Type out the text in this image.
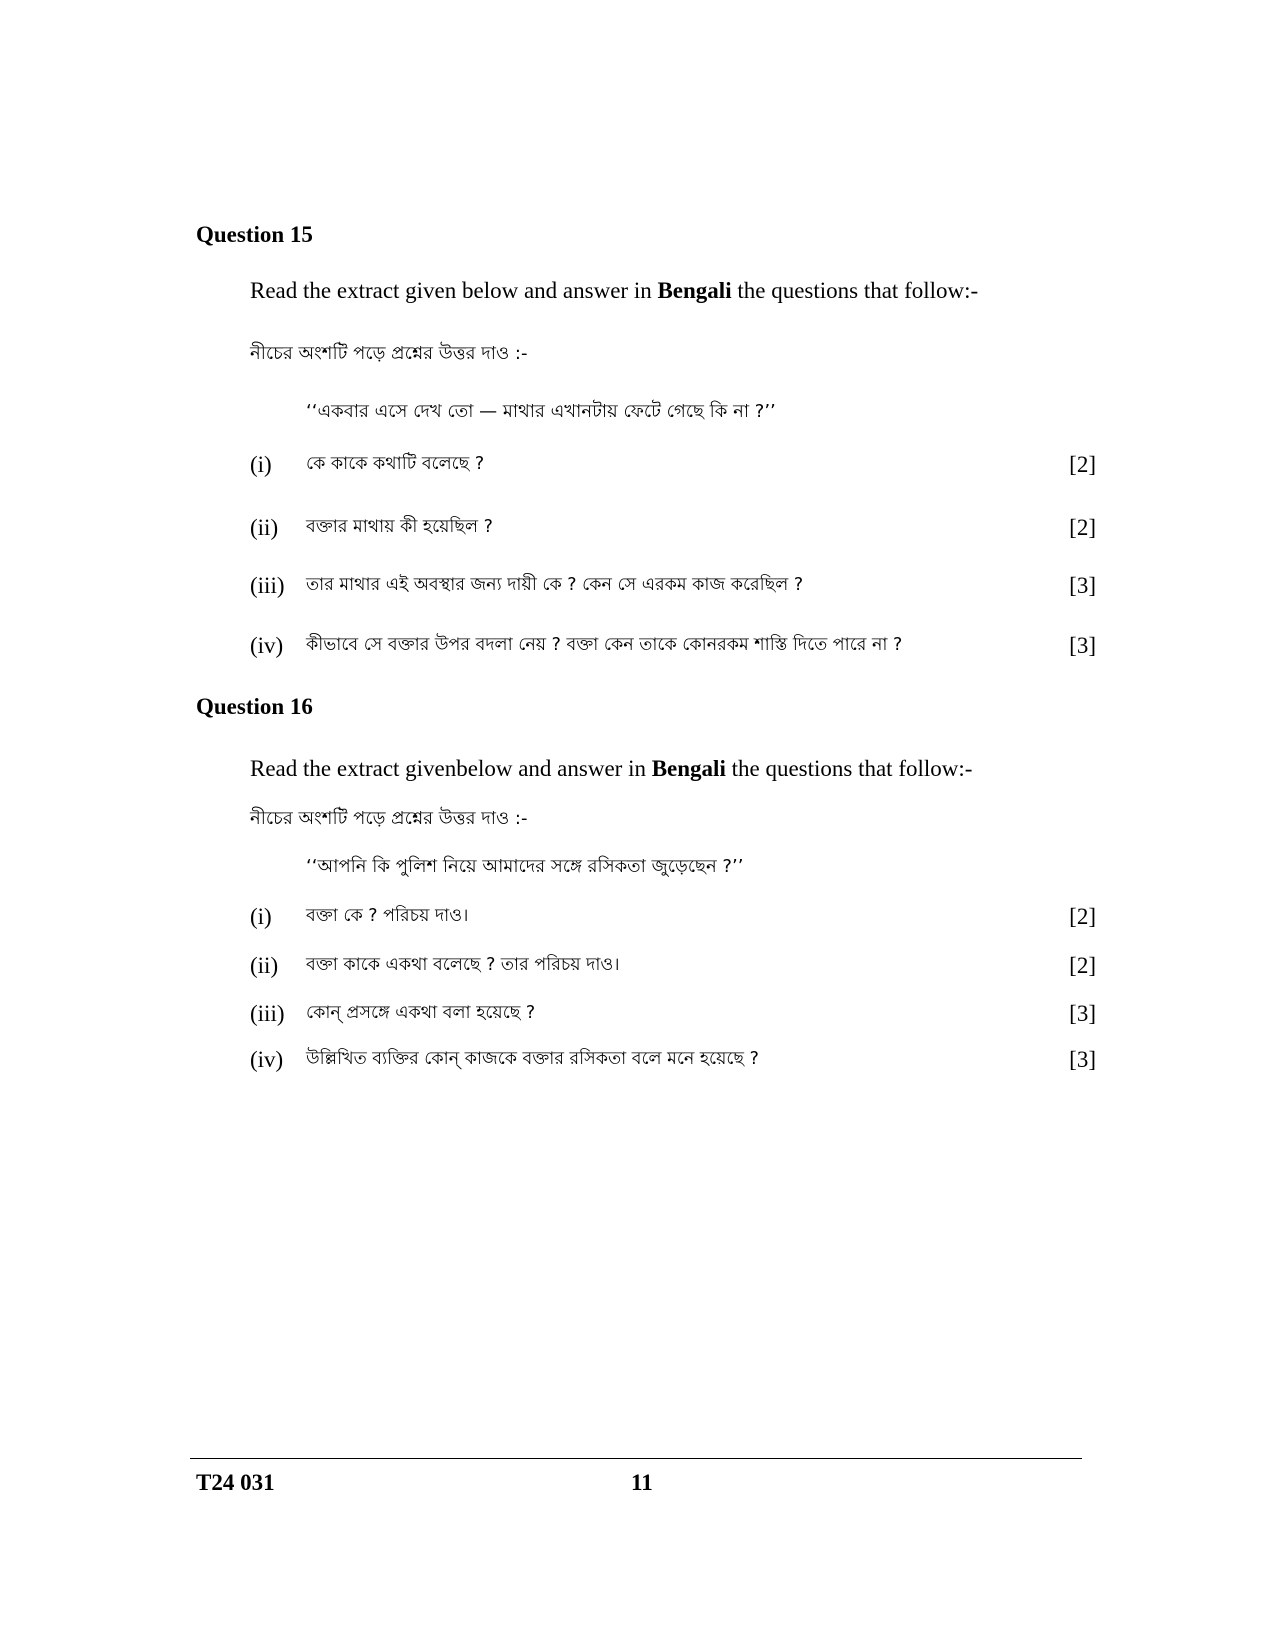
Question 15

Read the extract given below and answer in Bengali the questions that follow:-

নীচের অংশটি পড়ে প্রশ্নের উত্তর দাও :-

‘‘একবার এসে দেখ তো — মাথার এখানটায় ফেটে গেছে কি না ?’’

(i)	কে কাকে কথাটি বলেছে ?	[2]
(ii)	বক্তার মাথায় কী হয়েছিল ?	[2]
(iii)	তার মাথার এই অবস্থার জন্য দায়ী কে ? কেন সে এরকম কাজ করেছিল ?	[3]
(iv)	কীভাবে সে বক্তার উপর বদলা নেয় ? বক্তা কেন তাকে কোনরকম শাস্তি দিতে পারে না ?	[3]
Question 16

Read the extract givenbelow and answer in Bengali the questions that follow:-

নীচের অংশটি পড়ে প্রশ্নের উত্তর দাও :-

‘‘আপনি কি পুলিশ নিয়ে আমাদের সঙ্গে রসিকতা জুড়েছেন ?’’

(i)	বক্তা কে ? পরিচয় দাও।	[2]
(ii)	বক্তা কাকে একথা বলেছে ? তার পরিচয় দাও।	[2]
(iii)	কোন্ প্রসঙ্গে একথা বলা হয়েছে ?	[3]
(iv)	উল্লিখিত ব্যক্তির কোন্ কাজকে বক্তার রসিকতা বলে মনে হয়েছে ?	[3]
T24 031	11
